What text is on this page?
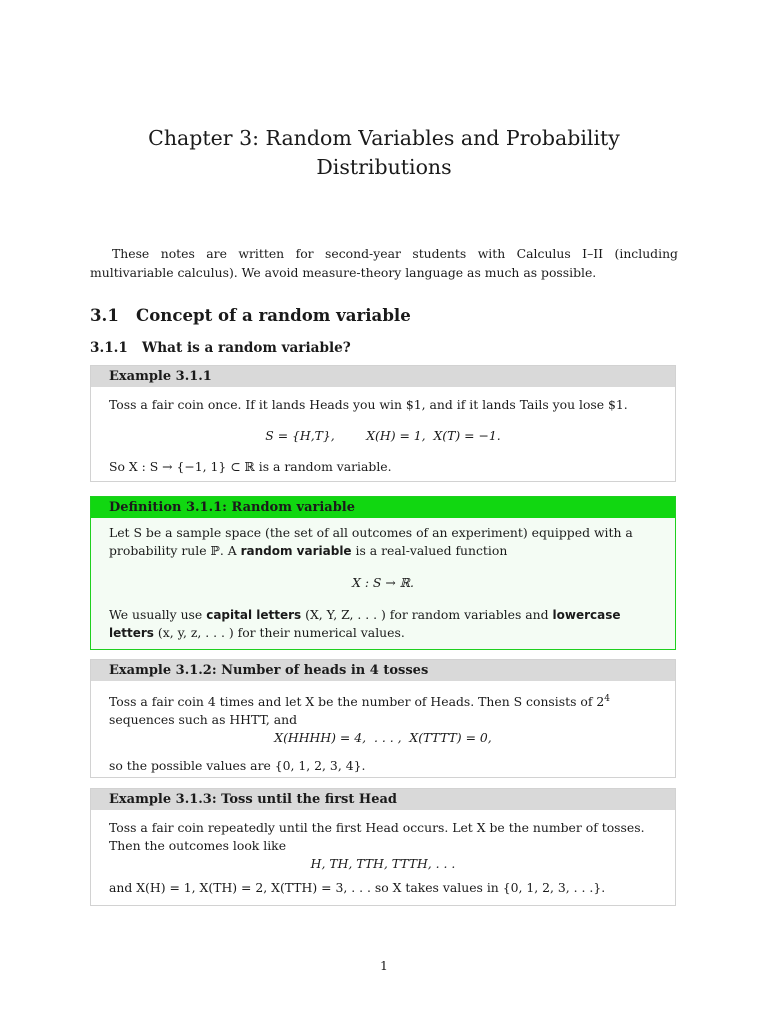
Chapter 3: Random Variables and Probability
Distributions
These notes are written for second-year students with Calculus I–II (including multivariable calculus). We avoid measure-theory language as much as possible.
3.1 Concept of a random variable
3.1.1 What is a random variable?
Example 3.1.1

Toss a fair coin once. If it lands Heads you win $1, and if it lands Tails you lose $1.

S = {H,T},        X(H) = 1,  X(T) = −1.

So X : S → {−1, 1} ⊂ ℝ is a random variable.

Definition 3.1.1: Random variable

Let S be a sample space (the set of all outcomes of an experiment) equipped with a probability rule ℙ. A random variable is a real-valued function

X : S → ℝ.

We usually use capital letters (X, Y, Z, . . . ) for random variables and lowercase letters (x, y, z, . . . ) for their numerical values.

Example 3.1.2: Number of heads in 4 tosses

Toss a fair coin 4 times and let X be the number of Heads. Then S consists of $2^4$ sequences such as HHTT, and

X(HHHH) = 4,  . . . ,  X(TTTT) = 0,

so the possible values are {0, 1, 2, 3, 4}.

Example 3.1.3: Toss until the first Head

Toss a fair coin repeatedly until the first Head occurs. Let X be the number of tosses. Then the outcomes look like

H, TH, TTH, TTTH, . . .

and X(H) = 1, X(TH) = 2, X(TTH) = 3, . . . so X takes values in {0, 1, 2, 3, . . .}.

1
